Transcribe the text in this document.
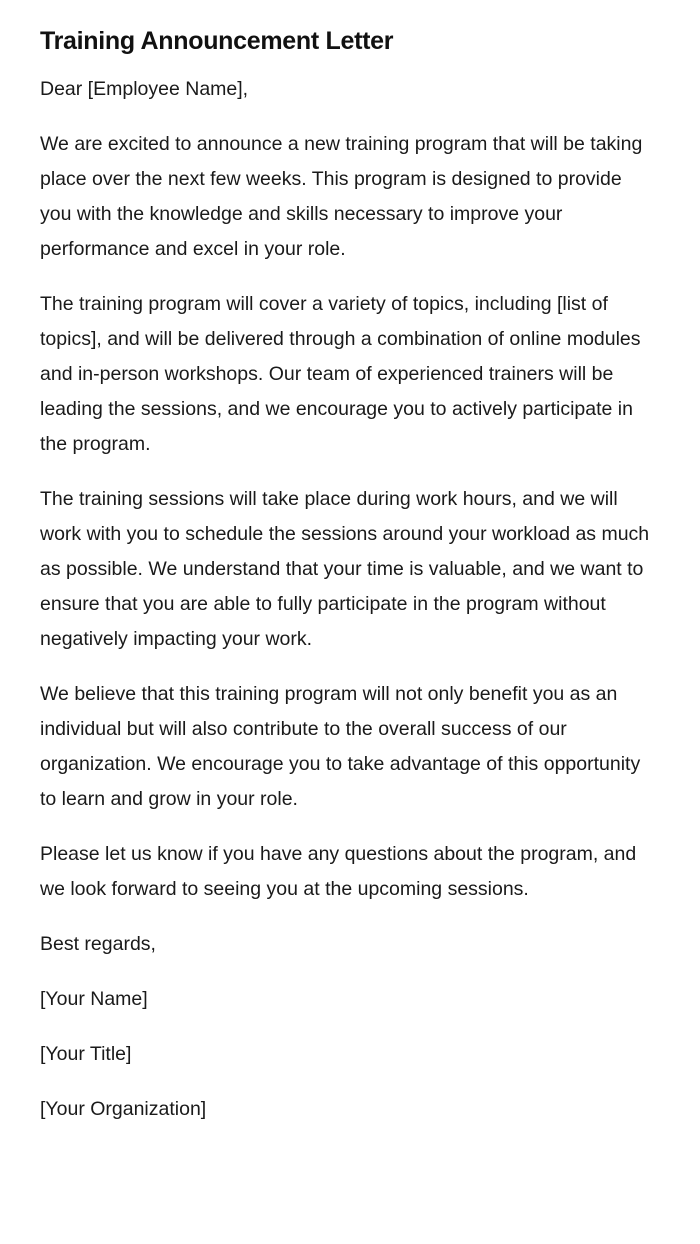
Training Announcement Letter

Dear [Employee Name],

We are excited to announce a new training program that will be taking place over the next few weeks. This program is designed to provide you with the knowledge and skills necessary to improve your performance and excel in your role.

The training program will cover a variety of topics, including [list of topics], and will be delivered through a combination of online modules and in-person workshops. Our team of experienced trainers will be leading the sessions, and we encourage you to actively participate in the program.

The training sessions will take place during work hours, and we will work with you to schedule the sessions around your workload as much as possible. We understand that your time is valuable, and we want to ensure that you are able to fully participate in the program without negatively impacting your work.

We believe that this training program will not only benefit you as an individual but will also contribute to the overall success of our organization. We encourage you to take advantage of this opportunity to learn and grow in your role.

Please let us know if you have any questions about the program, and we look forward to seeing you at the upcoming sessions.

Best regards,

[Your Name]

[Your Title]

[Your Organization]
